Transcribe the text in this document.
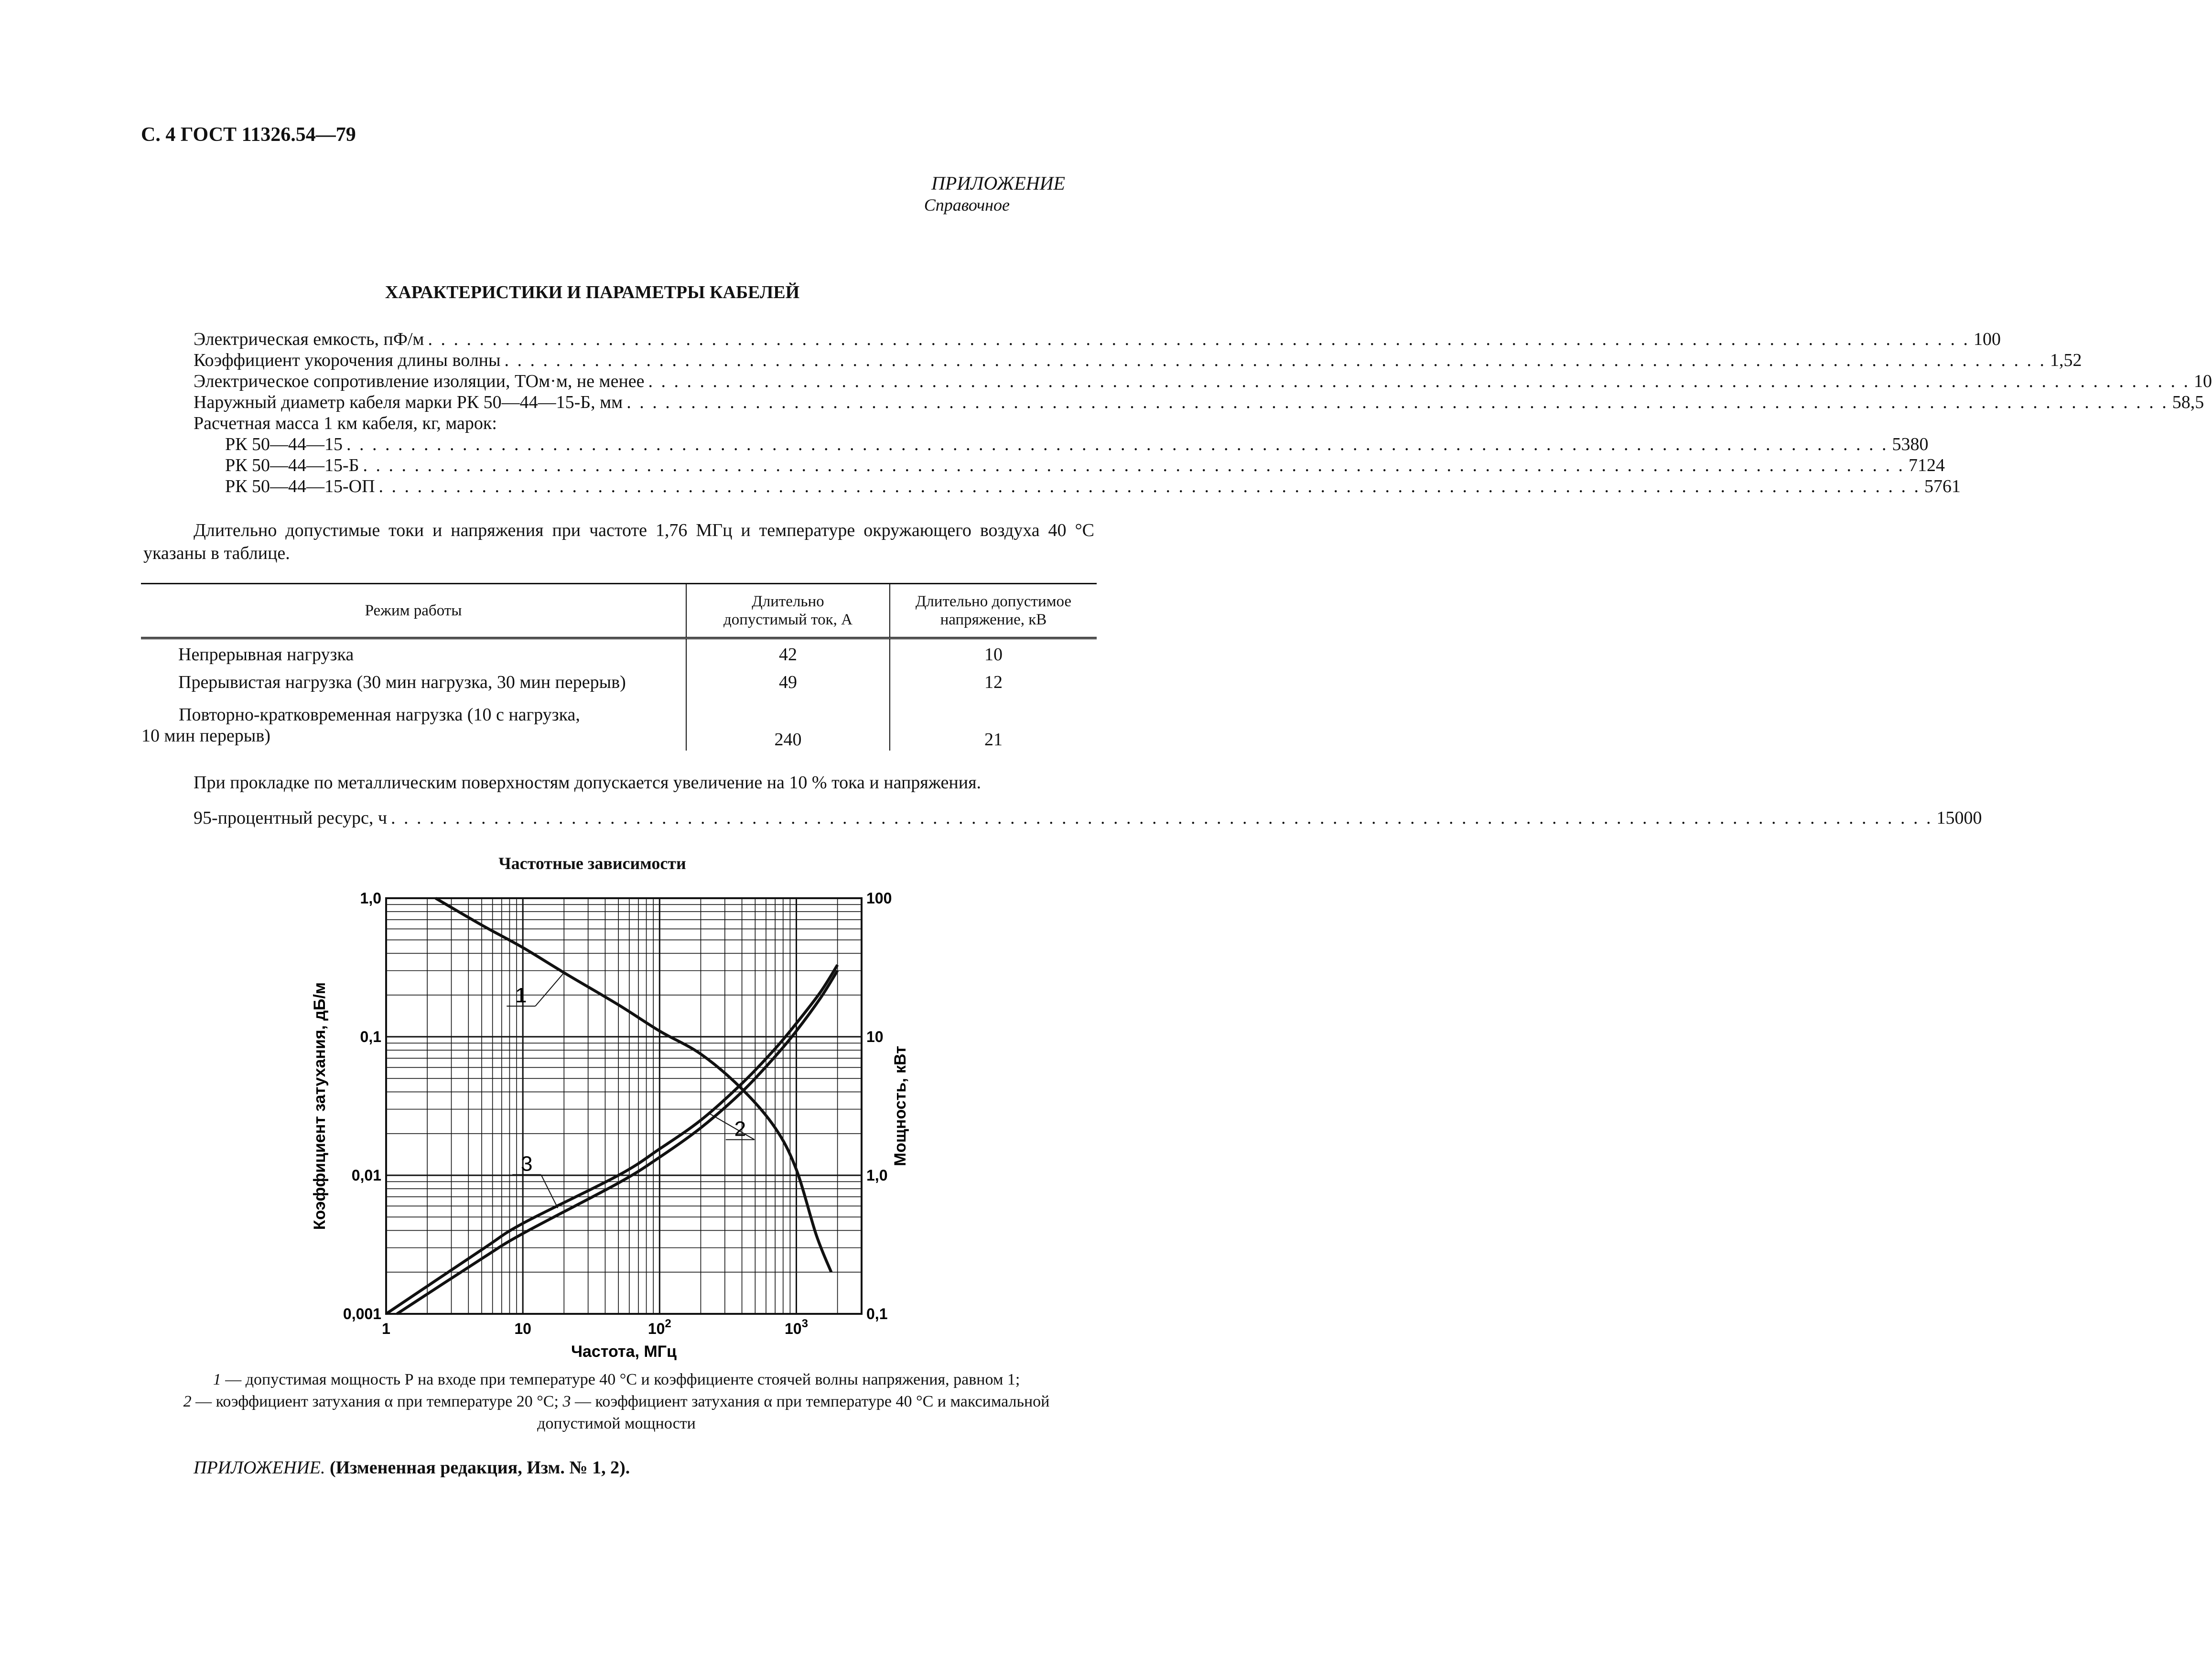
С. 4 ГОСТ 11326.54—79
ПРИЛОЖЕНИЕ
Справочное
ХАРАКТЕРИСТИКИ И ПАРАМЕТРЫ КАБЕЛЕЙ
Электрическая емкость, пФ/м . . . . . . . . . . . . . . . . . . . . . . . . . . . . . . . . . . . . . . . . . . . . . . . . . . . . . . . . . . . . . . . . . . . . . . . . . . . . . . . . . . . . . . . . . . . . . . . . . . . . . . . . . . . . . . . . . . . . . . . . 100
Коэффициент укорочения длины волны . . . . . . . . . . . . . . . . . . . . . . . . . . . . . . . . . . . . . . . . . . . . . . . . . . . . . . . . . . . . . . . . . . . . . . . . . . . . . . . . . . . . . . . . . . . . . . . . . . . . . . . . . . . . . . . . . . . . . . . . 1,52
Электрическое сопротивление изоляции, ТОм·м, не менее . . . . . . . . . . . . . . . . . . . . . . . . . . . . . . . . . . . . . . . . . . . . . . . . . . . . . . . . . . . . . . . . . . . . . . . . . . . . . . . . . . . . . . . . . . . . . . . . . . . . . . . . . . . . . . . . . . . . . . . . 10
Наружный диаметр кабеля марки РК 50—44—15-Б, мм . . . . . . . . . . . . . . . . . . . . . . . . . . . . . . . . . . . . . . . . . . . . . . . . . . . . . . . . . . . . . . . . . . . . . . . . . . . . . . . . . . . . . . . . . . . . . . . . . . . . . . . . . . . . . . . . . . . . . . . . 58,5
Расчетная масса 1 км кабеля, кг, марок:
РК 50—44—15 . . . . . . . . . . . . . . . . . . . . . . . . . . . . . . . . . . . . . . . . . . . . . . . . . . . . . . . . . . . . . . . . . . . . . . . . . . . . . . . . . . . . . . . . . . . . . . . . . . . . . . . . . . . . . . . . . . . . . . . . 5380
РК 50—44—15-Б . . . . . . . . . . . . . . . . . . . . . . . . . . . . . . . . . . . . . . . . . . . . . . . . . . . . . . . . . . . . . . . . . . . . . . . . . . . . . . . . . . . . . . . . . . . . . . . . . . . . . . . . . . . . . . . . . . . . . . . . 7124
РК 50—44—15-ОП . . . . . . . . . . . . . . . . . . . . . . . . . . . . . . . . . . . . . . . . . . . . . . . . . . . . . . . . . . . . . . . . . . . . . . . . . . . . . . . . . . . . . . . . . . . . . . . . . . . . . . . . . . . . . . . . . . . . . . . . 5761
Длительно допустимые токи и напряжения при частоте 1,76 МГц и температуре окружающего воздуха 40 °С указаны в таблице.
Режим работы	Длительно допустимый ток, А	Длительно допустимое напряжение, кВ

Непрерывная нагрузка	42	10
Прерывистая нагрузка (30 мин нагрузка, 30 мин перерыв)	49	12

Повторно-кратковременная нагрузка (10 с нагрузка,
10 мин перерыв)	240	21
При прокладке по металлическим поверхностям допускается увеличение на 10 % тока и напряжения.
95-процентный ресурс, ч . . . . . . . . . . . . . . . . . . . . . . . . . . . . . . . . . . . . . . . . . . . . . . . . . . . . . . . . . . . . . . . . . . . . . . . . . . . . . . . . . . . . . . . . . . . . . . . . . . . . . . . . . . . . . . . . . . . . . . . . 15000
Частотные зависимости
1
3
2
1	10	$10^2$	$10^3$
1,0
0,1
0,01
0,001
100
10
1,0
0,1
Коэффициент затухания, дБ/м	Мощность, кВт
Частота, МГц
1 — допустимая мощность Р на входе при температуре 40 °С и коэффициенте стоячей волны напряжения, равном 1;
2 — коэффициент затухания α при температуре 20 °С; 3 — коэффициент затухания α при температуре 40 °С и максимальной допустимой мощности
ПРИЛОЖЕНИЕ. (Измененная редакция, Изм. № 1, 2).
